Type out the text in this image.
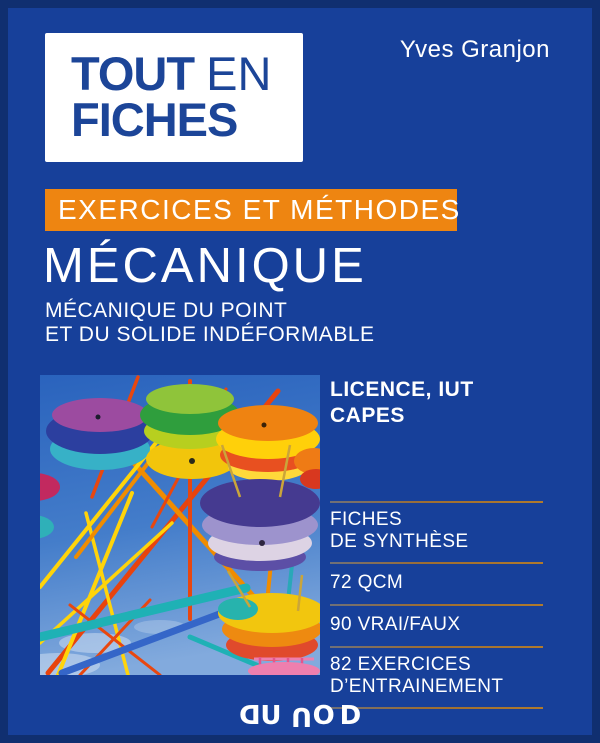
Yves Granjon
TOUT EN
FICHES
EXERCICES ET MÉTHODES
MÉCANIQUE
MÉCANIQUE DU POINT
ET DU SOLIDE INDÉFORMABLE
LICENCE, IUT
CAPES
FICHES
DE SYNTHÈSE
72 QCM
90 VRAI/FAUX
82 EXERCICES
D’ENTRAINEMENT
DUUOD
